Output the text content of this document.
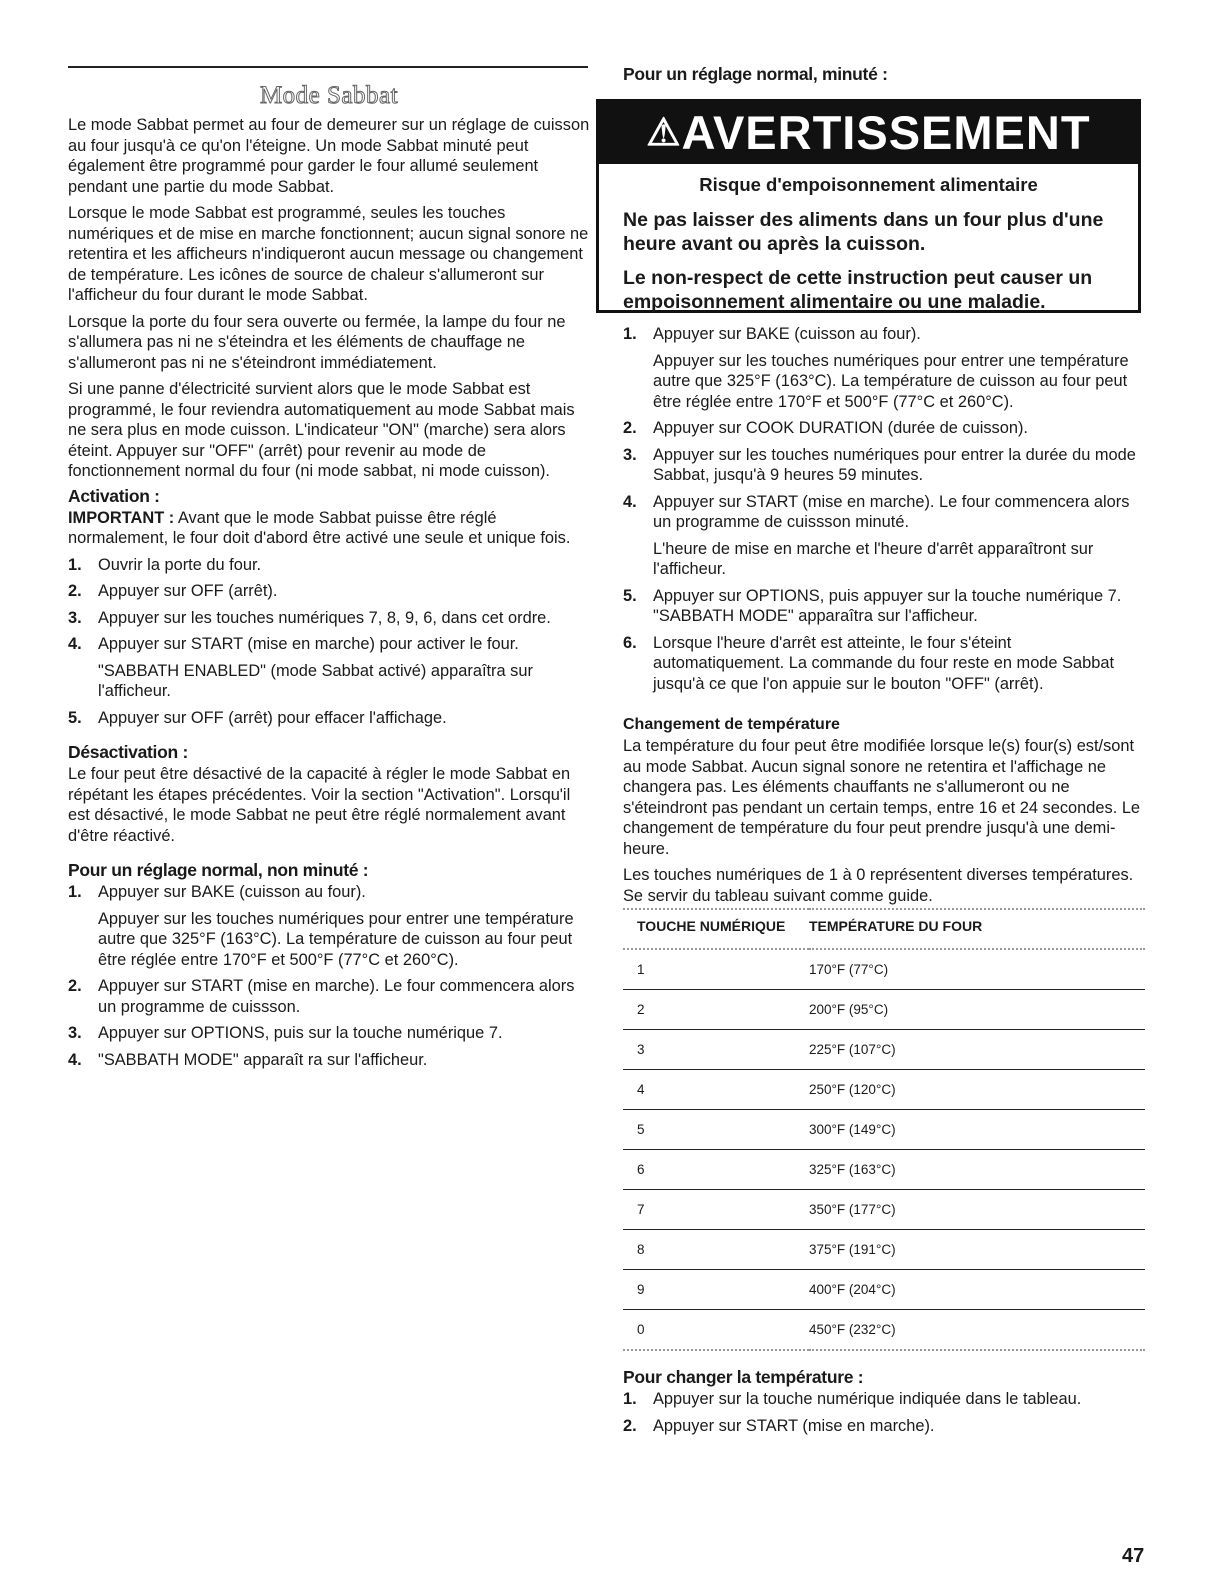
Mode Sabbat

Le mode Sabbat permet au four de demeurer sur un réglage de cuisson au four jusqu'à ce qu'on l'éteigne. Un mode Sabbat minuté peut également être programmé pour garder le four allumé seulement pendant une partie du mode Sabbat.

Lorsque le mode Sabbat est programmé, seules les touches numériques et de mise en marche fonctionnent; aucun signal sonore ne retentira et les afficheurs n'indiqueront aucun message ou changement de température. Les icônes de source de chaleur s'allumeront sur l'afficheur du four durant le mode Sabbat.

Lorsque la porte du four sera ouverte ou fermée, la lampe du four ne s'allumera pas ni ne s'éteindra et les éléments de chauffage ne s'allumeront pas ni ne s'éteindront immédiatement.

Si une panne d'électricité survient alors que le mode Sabbat est programmé, le four reviendra automatiquement au mode Sabbat mais ne sera plus en mode cuisson. L'indicateur "ON" (marche) sera alors éteint. Appuyer sur "OFF" (arrêt) pour revenir au mode de fonctionnement normal du four (ni mode sabbat, ni mode cuisson).

Activation :

IMPORTANT : Avant que le mode Sabbat puisse être réglé normalement, le four doit d'abord être activé une seule et unique fois.

1. Ouvrir la porte du four.
2. Appuyer sur OFF (arrêt).
3. Appuyer sur les touches numériques 7, 8, 9, 6, dans cet ordre.
4. Appuyer sur START (mise en marche) pour activer le four.
"SABBATH ENABLED" (mode Sabbat activé) apparaîtra sur l'afficheur.
5. Appuyer sur OFF (arrêt) pour effacer l'affichage.
Désactivation :

Le four peut être désactivé de la capacité à régler le mode Sabbat en répétant les étapes précédentes. Voir la section "Activation". Lorsqu'il est désactivé, le mode Sabbat ne peut être réglé normalement avant d'être réactivé.

Pour un réglage normal, non minuté :
1. Appuyer sur BAKE (cuisson au four).
Appuyer sur les touches numériques pour entrer une température autre que 325°F (163°C). La température de cuisson au four peut être réglée entre 170°F et 500°F (77°C et 260°C).
2. Appuyer sur START (mise en marche). Le four commencera alors un programme de cuissson.
3. Appuyer sur OPTIONS, puis sur la touche numérique 7.
4. "SABBATH MODE" apparaît ra sur l'afficheur.
Pour un réglage normal, minuté :
⚠AVERTISSEMENT
Risque d'empoisonnement alimentaire
Ne pas laisser des aliments dans un four plus d'une heure avant ou après la cuisson.
Le non-respect de cette instruction peut causer un empoisonnement alimentaire ou une maladie.
1. Appuyer sur BAKE (cuisson au four).
Appuyer sur les touches numériques pour entrer une température autre que 325°F (163°C). La température de cuisson au four peut être réglée entre 170°F et 500°F (77°C et 260°C).
2. Appuyer sur COOK DURATION (durée de cuisson).
3. Appuyer sur les touches numériques pour entrer la durée du mode Sabbat, jusqu'à 9 heures 59 minutes.
4. Appuyer sur START (mise en marche). Le four commencera alors un programme de cuissson minuté.
L'heure de mise en marche et l'heure d'arrêt apparaîtront sur l'afficheur.
5. Appuyer sur OPTIONS, puis appuyer sur la touche numérique 7. "SABBATH MODE" apparaîtra sur l'afficheur.
6. Lorsque l'heure d'arrêt est atteinte, le four s'éteint automatiquement. La commande du four reste en mode Sabbat jusqu'à ce que l'on appuie sur le bouton "OFF" (arrêt).
Changement de température

La température du four peut être modifiée lorsque le(s) four(s) est/sont au mode Sabbat. Aucun signal sonore ne retentira et l'affichage ne changera pas. Les éléments chauffants ne s'allumeront ou ne s'éteindront pas pendant un certain temps, entre 16 et 24 secondes. Le changement de température du four peut prendre jusqu'à une demi-heure.

Les touches numériques de 1 à 0 représentent diverses températures. Se servir du tableau suivant comme guide.

TOUCHE NUMÉRIQUE	TEMPÉRATURE DU FOUR
1	170°F (77°C)
2	200°F (95°C)
3	225°F (107°C)
4	250°F (120°C)
5	300°F (149°C)
6	325°F (163°C)
7	350°F (177°C)
8	375°F (191°C)
9	400°F (204°C)
0	450°F (232°C)
Pour changer la température :
1. Appuyer sur la touche numérique indiquée dans le tableau.
2. Appuyer sur START (mise en marche).
47
